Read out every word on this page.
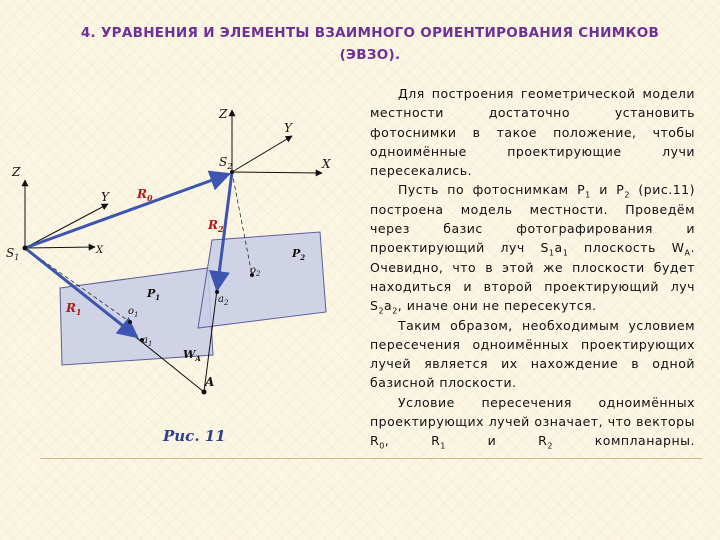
4. УРАВНЕНИЯ И ЭЛЕМЕНТЫ ВЗАИМНОГО ОРИЕНТИРОВАНИЯ СНИМКОВ
(ЭВЗО).
Z
Y
$S_2$	X
Z
Y $R_0$
$R_2$
$S_1$
X	$P_2$
$o_2$
$P_1$	$a_2$
$R_1$	$o_1$
$a_1$
$W_A$
A
Рис. 11

Для построения геометрической модели местности достаточно установить фотоснимки в такое положение, чтобы одноимённые проектирующие лучи пересекались.

Пусть по фотоснимкам $Р_1$ и $Р_2$ (рис.11) построена модель местности. Проведём через базис фотографирования и проектирующий луч $S_1a_1$ плоскость $W_A$. Очевидно, что в этой же плоскости будет находиться и второй проектирующий луч $S_2a_2$, иначе они не пересекутся.

Таким образом, необходимым условием пересечения одноимённых проектирующих лучей является их нахождение в одной базисной плоскости.

Условие пересечения одноимённых проектирующих лучей означает, что векторы $R_0$, $R_1$ и $R_2$ компланарны.
